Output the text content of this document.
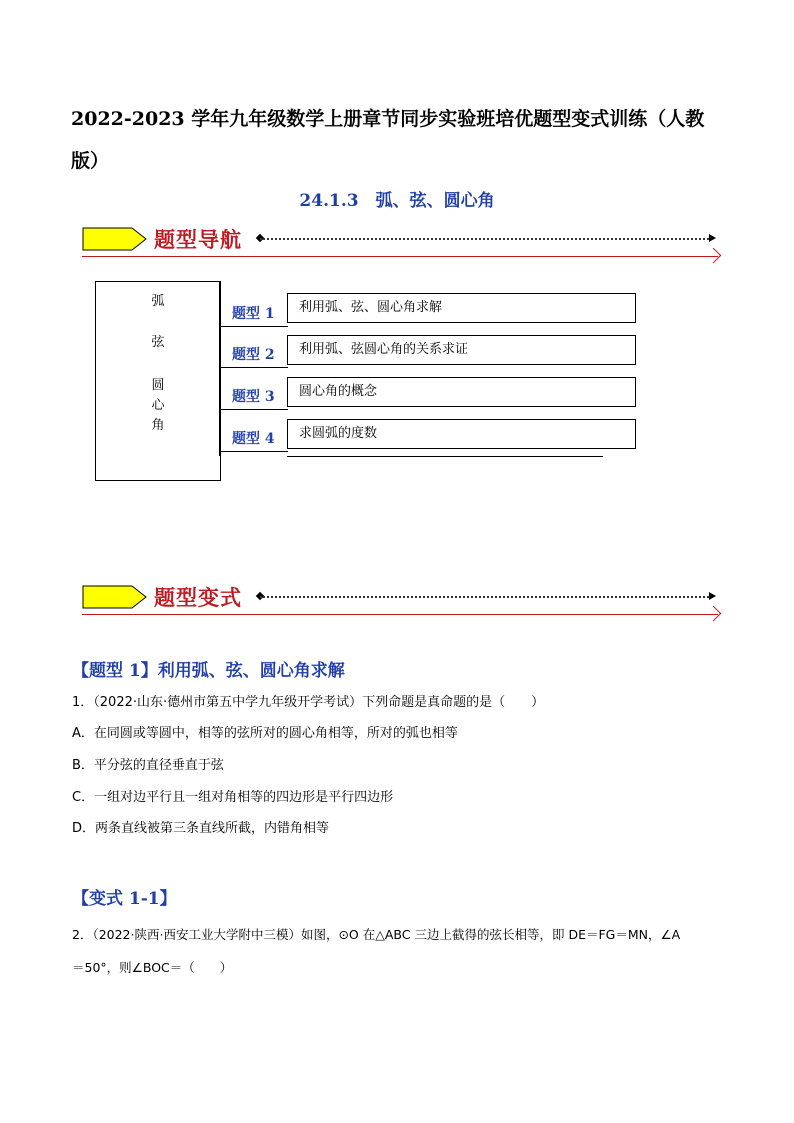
2022-2023 学年九年级数学上册章节同步实验班培优题型变式训练（人教版）
24.1.3　弧、弦、圆心角
题型导航
弧
弦
圆
心
角
题型 1	利用弧、弦、圆心角求解
题型 2	利用弧、弦圆心角的关系求证
题型 3	圆心角的概念
题型 4	求圆弧的度数
题型变式
【题型 1】利用弧、弦、圆心角求解
1．（2022·山东·德州市第五中学九年级开学考试）下列命题是真命题的是（　　）
A．在同圆或等圆中，相等的弦所对的圆心角相等，所对的弧也相等
B．平分弦的直径垂直于弦
C．一组对边平行且一组对角相等的四边形是平行四边形
D．两条直线被第三条直线所截，内错角相等
【变式 1-1】
2．（2022·陕西·西安工业大学附中三模）如图，⊙O 在△ABC 三边上截得的弦长相等，即 DE＝FG＝MN，∠A
＝50°，则∠BOC＝（　　）
